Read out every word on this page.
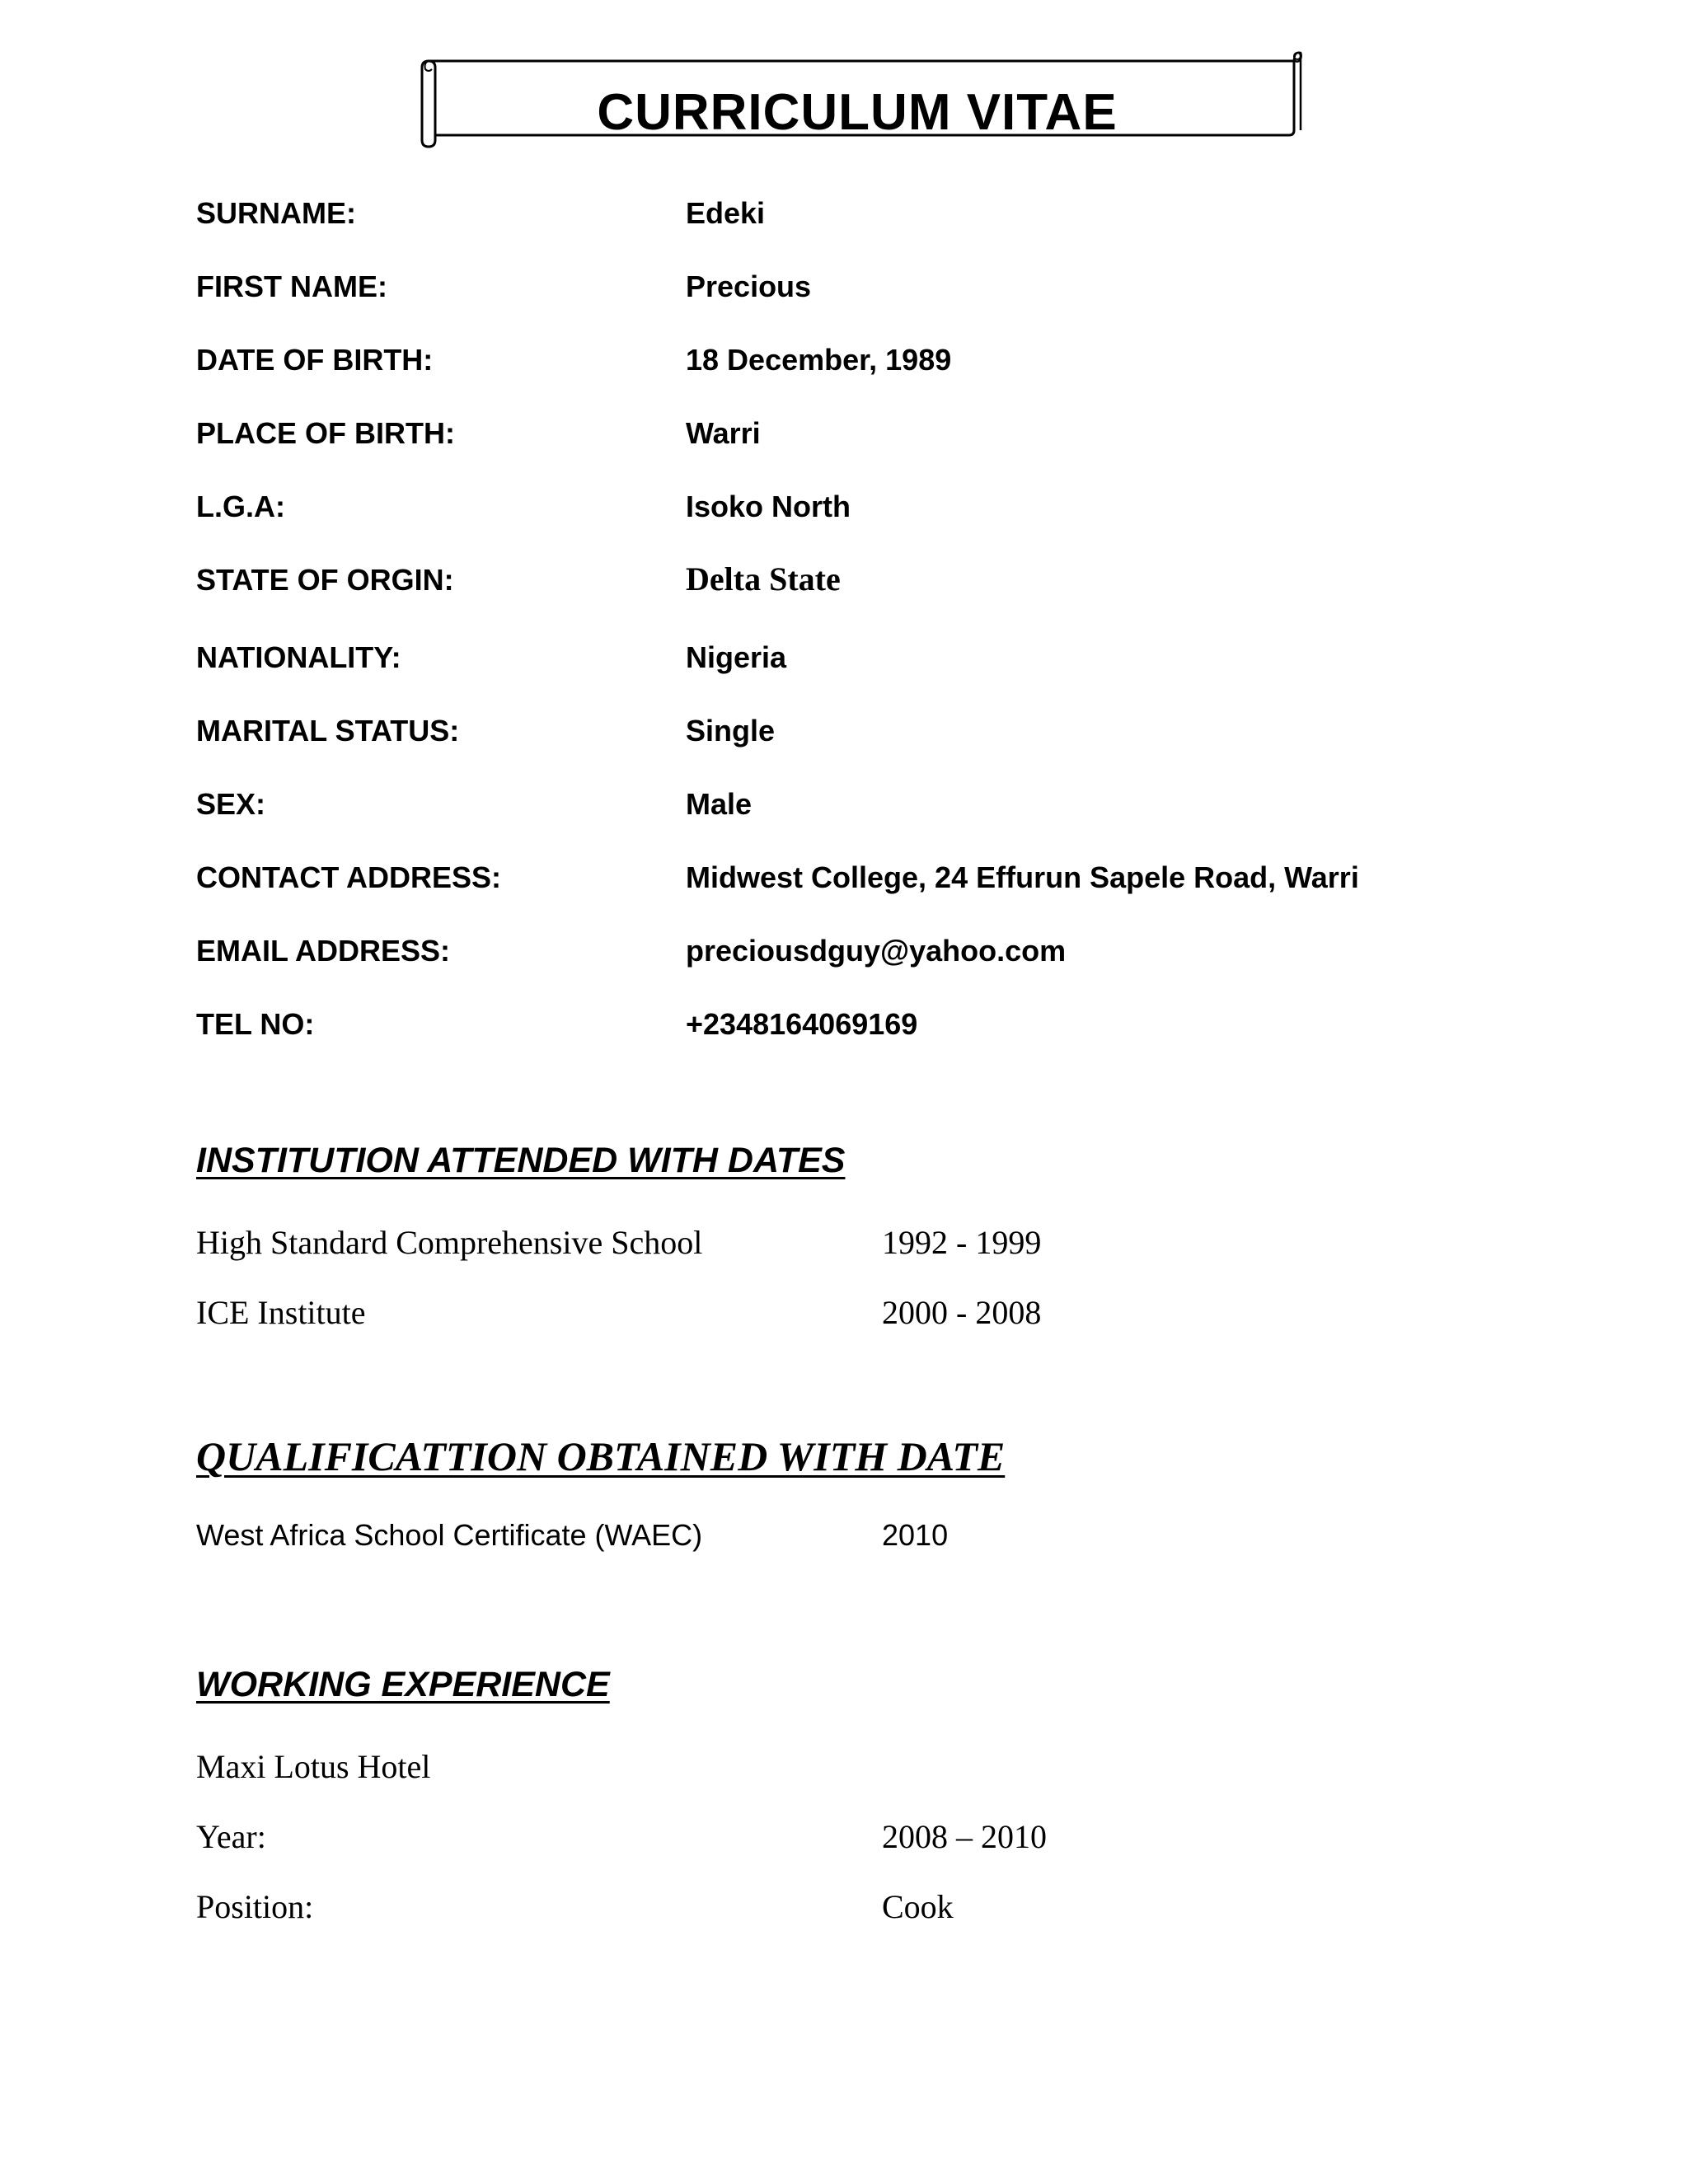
CURRICULUM VITAE
SURNAME:	Edeki
FIRST NAME:	Precious
DATE OF BIRTH:	18 December, 1989
PLACE OF BIRTH:	Warri
L.G.A:	Isoko North
STATE OF ORGIN:	Delta State
NATIONALITY:	Nigeria
MARITAL STATUS:	Single
SEX:	Male
CONTACT ADDRESS:	Midwest College, 24 Effurun Sapele Road, Warri
EMAIL ADDRESS:	preciousdguy@yahoo.com
TEL NO:	+2348164069169
INSTITUTION ATTENDED WITH DATES
High Standard Comprehensive School	1992 - 1999
ICE Institute	2000 - 2008
QUALIFICATTION OBTAINED WITH DATE
West Africa School Certificate (WAEC)	2010
WORKING EXPERIENCE
Maxi Lotus Hotel
Year:	2008 – 2010
Position:	Cook
